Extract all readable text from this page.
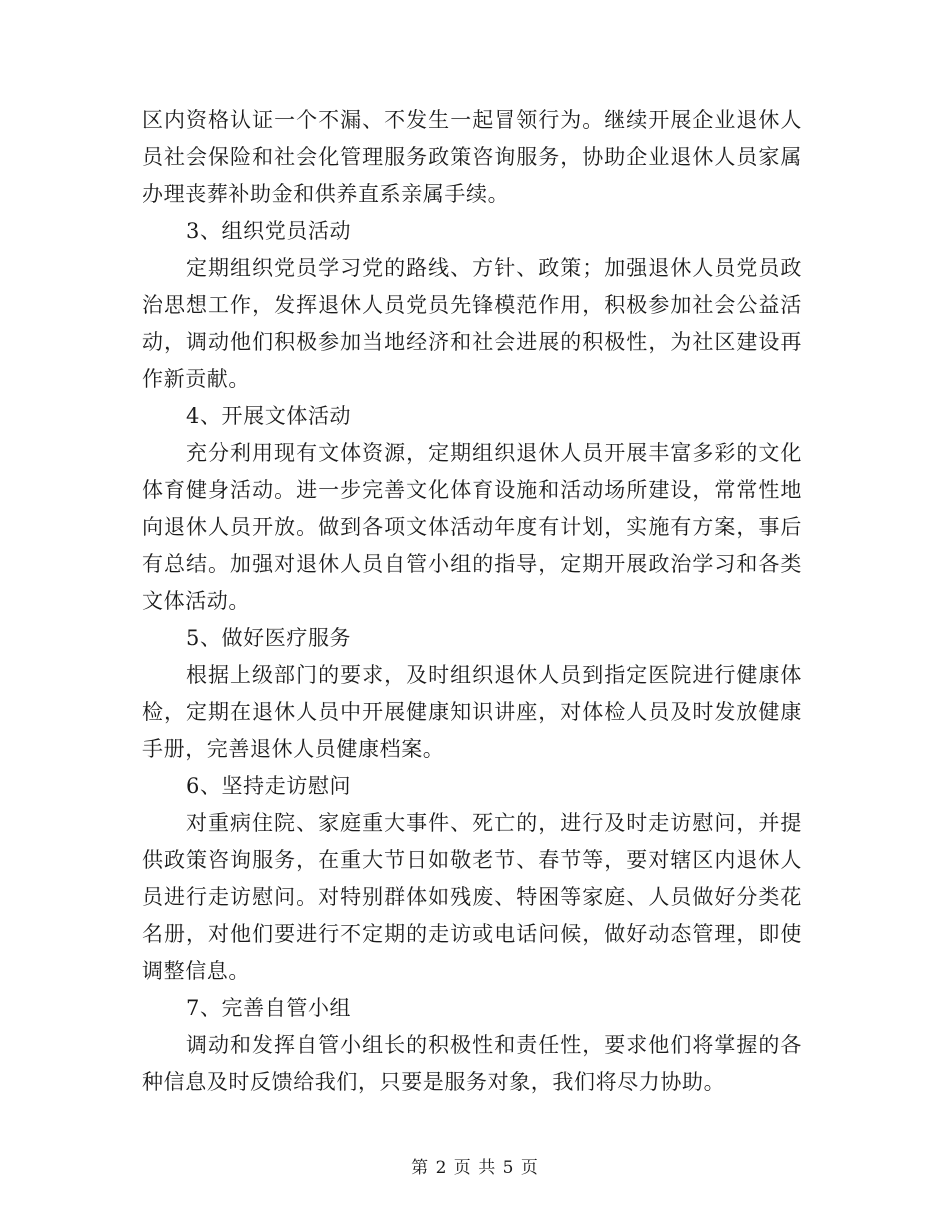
区内资格认证一个不漏、不发生一起冒领行为。继续开展企业退休人员社会保险和社会化管理服务政策咨询服务，协助企业退休人员家属办理丧葬补助金和供养直系亲属手续。

3、组织党员活动

定期组织党员学习党的路线、方针、政策；加强退休人员党员政治思想工作，发挥退休人员党员先锋模范作用，积极参加社会公益活动，调动他们积极参加当地经济和社会进展的积极性，为社区建设再作新贡献。

4、开展文体活动

充分利用现有文体资源，定期组织退休人员开展丰富多彩的文化体育健身活动。进一步完善文化体育设施和活动场所建设，常常性地向退休人员开放。做到各项文体活动年度有计划，实施有方案，事后有总结。加强对退休人员自管小组的指导，定期开展政治学习和各类文体活动。

5、做好医疗服务

根据上级部门的要求，及时组织退休人员到指定医院进行健康体检，定期在退休人员中开展健康知识讲座，对体检人员及时发放健康手册，完善退休人员健康档案。

6、坚持走访慰问

对重病住院、家庭重大事件、死亡的，进行及时走访慰问，并提供政策咨询服务，在重大节日如敬老节、春节等，要对辖区内退休人员进行走访慰问。对特别群体如残废、特困等家庭、人员做好分类花名册，对他们要进行不定期的走访或电话问候，做好动态管理，即使调整信息。

7、完善自管小组

调动和发挥自管小组长的积极性和责任性，要求他们将掌握的各种信息及时反馈给我们，只要是服务对象，我们将尽力协助。

第 2 页 共 5 页
